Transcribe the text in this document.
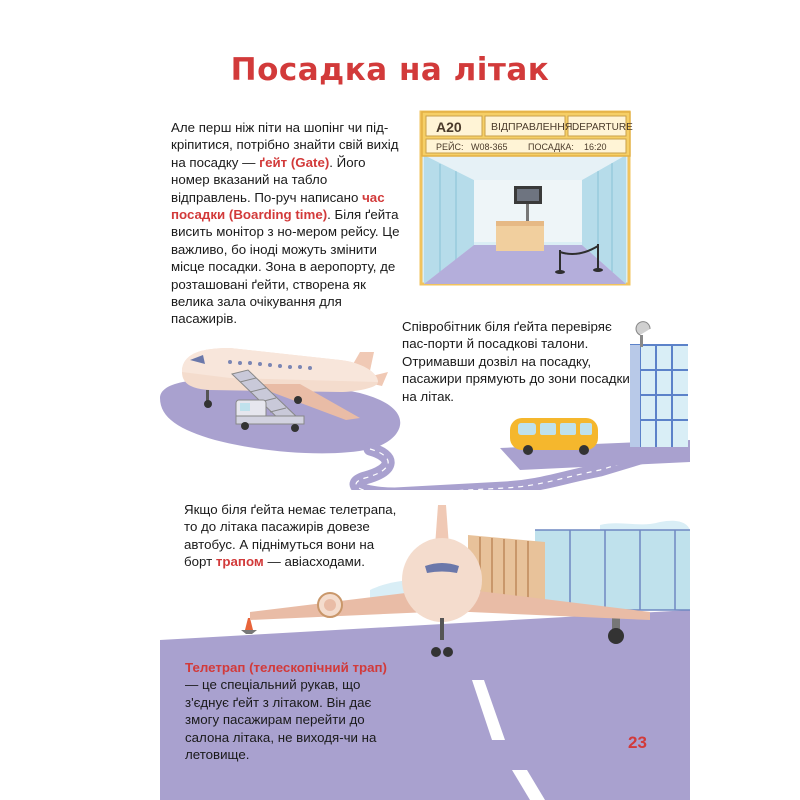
A20	ВІДПРАВЛЕННЯ DEPARTURE
РЕЙС: W08-365 ПОСАДКА: 16:20
Посадка на літак
Але перш ніж піти на шопінг чи під-кріпитися, потрібно знайти свій вихід на посадку — ґейт (Gate). Його номер вказаний на табло відправлень. По-руч написано час посадки (Boarding time). Біля ґейта висить монітор з но-мером рейсу. Це важливо, бо іноді можуть змінити місце посадки. Зона в аеропорту, де розташовані ґейти, створена як велика зала очікування для пасажирів.
Співробітник біля ґейта перевіряє пас-порти й посадкові талони. Отримавши дозвіл на посадку, пасажири прямують до зони посадки на літак.
Якщо біля ґейта немає телетрапа, то до літака пасажирів довезе автобус. А піднімуться вони на борт трапом — авіасходами.
Телетрап (телескопічний трап) — це спеціальний рукав, що з'єднує ґейт з літаком. Він дає змогу пасажирам перейти до салона літака, не виходя-чи на летовище.
23
